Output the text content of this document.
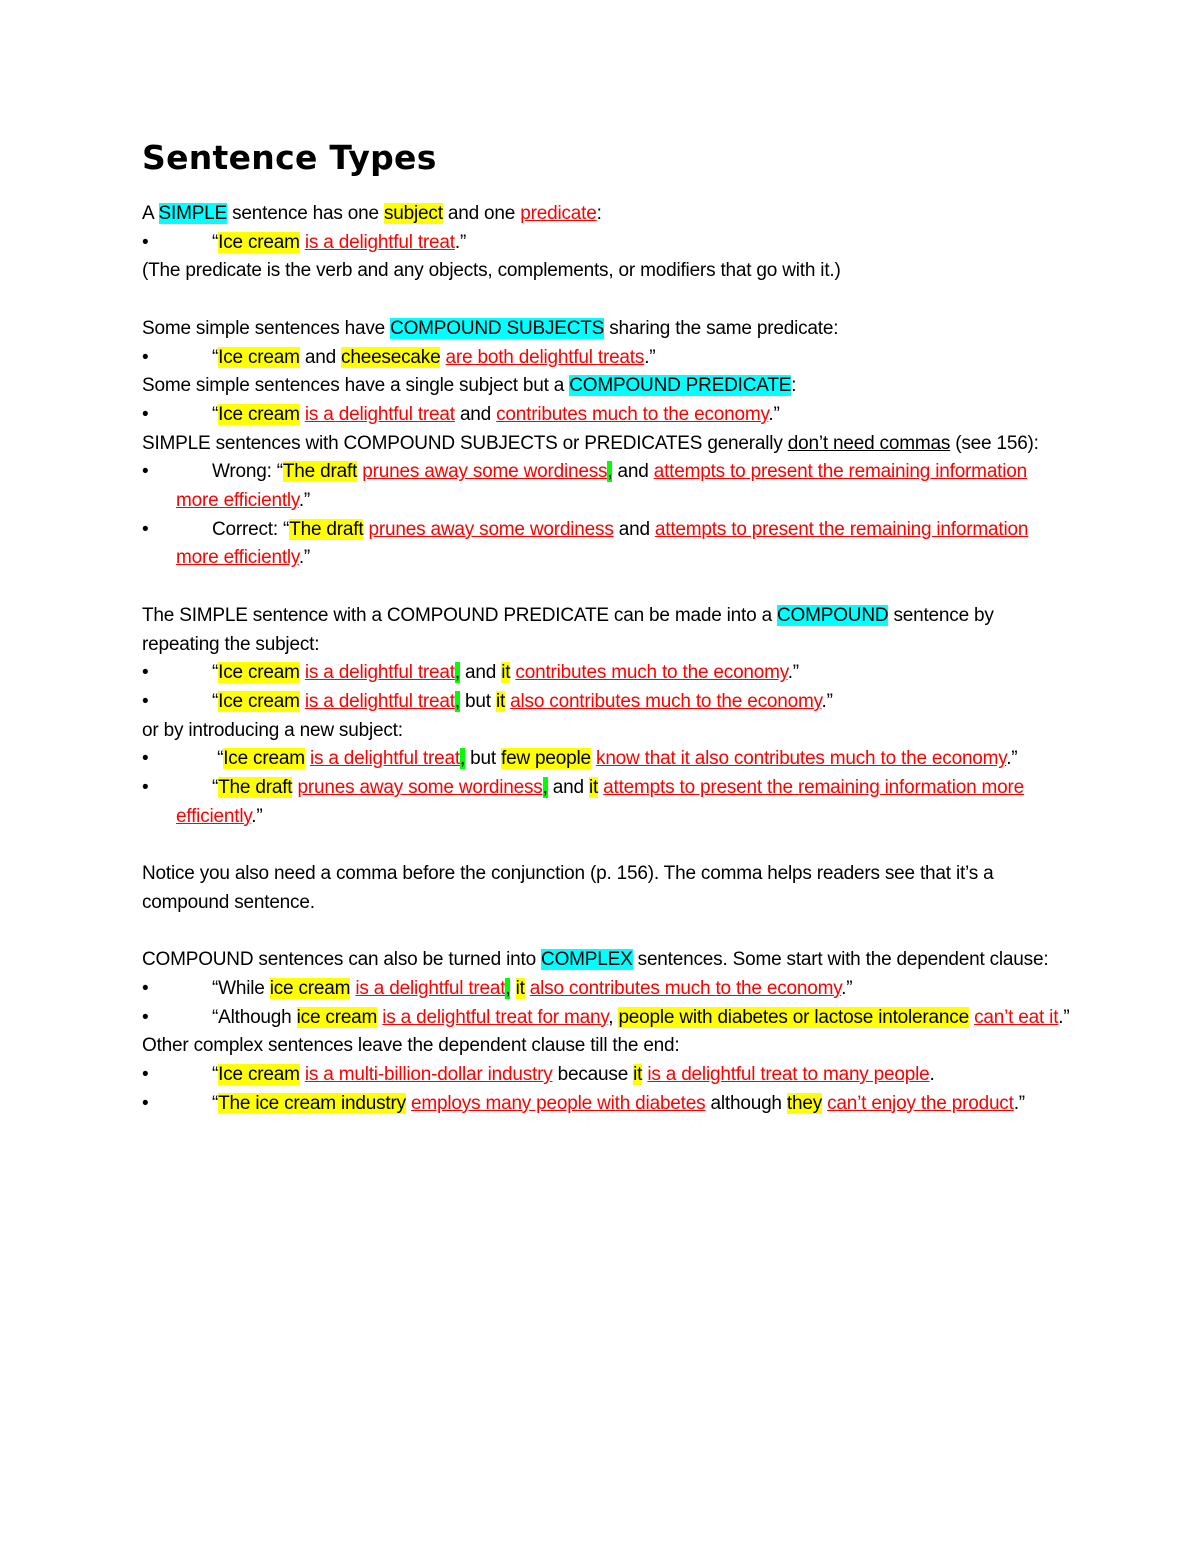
Sentence Types

A SIMPLE sentence has one subject and one predicate:

•	“Ice cream is a delightful treat.”

(The predicate is the verb and any objects, complements, or modifiers that go with it.)

Some simple sentences have COMPOUND SUBJECTS sharing the same predicate:

•	“Ice cream and cheesecake are both delightful treats.”

Some simple sentences have a single subject but a COMPOUND PREDICATE:

•	“Ice cream is a delightful treat and contributes much to the economy.”

SIMPLE sentences with COMPOUND SUBJECTS or PREDICATES generally don’t need commas (see 156):

•	Wrong: “The draft prunes away some wordiness, and attempts to present the remaining information more efficiently.”

•	Correct: “The draft prunes away some wordiness and attempts to present the remaining information more efficiently.”

The SIMPLE sentence with a COMPOUND PREDICATE can be made into a COMPOUND sentence by repeating the subject:

•	“Ice cream is a delightful treat, and it contributes much to the economy.”

•	“Ice cream is a delightful treat, but it also contributes much to the economy.”

or by introducing a new subject:

•	“Ice cream is a delightful treat, but few people know that it also contributes much to the economy.”

•	“The draft prunes away some wordiness, and it attempts to present the remaining information more efficiently.”

Notice you also need a comma before the conjunction (p. 156). The comma helps readers see that it’s a compound sentence.

COMPOUND sentences can also be turned into COMPLEX sentences. Some start with the dependent clause:

•	“While ice cream is a delightful treat, it also contributes much to the economy.”

•	“Although ice cream is a delightful treat for many, people with diabetes or lactose intolerance can’t eat it.”

Other complex sentences leave the dependent clause till the end:

•	“Ice cream is a multi-billion-dollar industry because it is a delightful treat to many people.

•	“The ice cream industry employs many people with diabetes although they can’t enjoy the product.”
